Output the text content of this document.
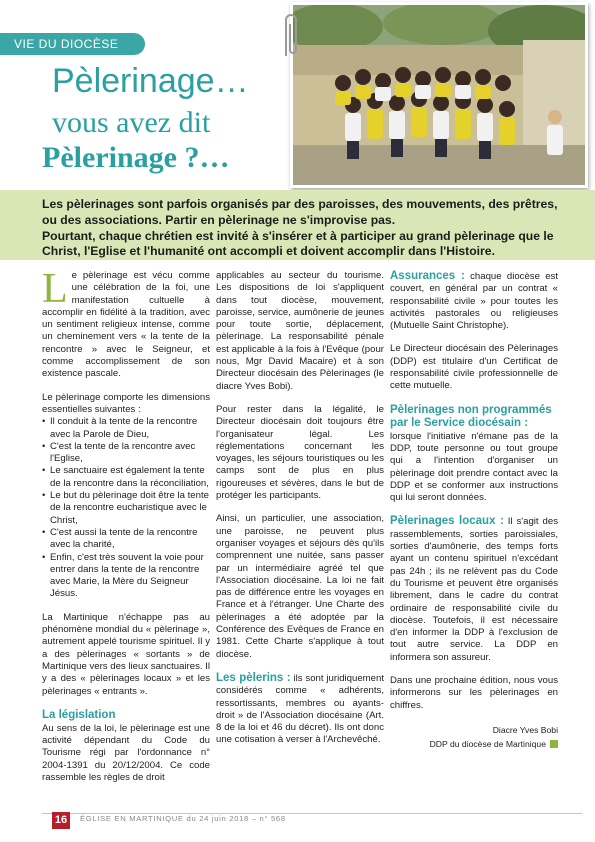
VIE DU DIOCÈSE
Pèlerinage…
vous avez dit
Pèlerinage ?…

Les pèlerinages sont parfois organisés par des paroisses, des mouvements, des prêtres, ou des associations. Partir en pèlerinage ne s'improvise pas.

Pourtant, chaque chrétien est invité à s'insérer et à participer au grand pèlerinage que le Christ, l'Eglise et l'humanité ont accompli et doivent accomplir dans l'Histoire.

Le pèlerinage est vécu comme une célébration de la foi, une manifestation cultuelle à accomplir en fidélité à la tradition, avec un sentiment religieux intense, comme un cheminement vers « la tente de la rencontre » avec le Seigneur, et comme accomplissement de son existence pascale.

Le pèlerinage comporte les dimensions essentielles suivantes :

• Il conduit à la tente de la rencontre avec la Parole de Dieu,
• C'est la tente de la rencontre avec l'Eglise,
• Le sanctuaire est également la tente de la rencontre dans la réconciliation,
• Le but du pèlerinage doit être la tente de la rencontre eucharistique avec le Christ,
• C'est aussi la tente de la rencontre avec la charité,
• Enfin, c'est très souvent la voie pour entrer dans la tente de la rencontre avec Marie, la Mère du Seigneur Jésus.

La Martinique n'échappe pas au phénomène mondial du « pèlerinage », autrement appelé tourisme spirituel. Il y a des pèlerinages « sortants » de Martinique vers des lieux sanctuaires. Il y a des « pèlerinages locaux » et les pèlerinages « entrants ».

La législation

Au sens de la loi, le pèlerinage est une activité dépendant du Code du Tourisme régi par l'ordonnance n° 2004-1391 du 20/12/2004. Ce code rassemble les règles de droit

applicables au secteur du tourisme. Les dispositions de loi s'appliquent dans tout diocèse, mouvement, paroisse, service, aumônerie de jeunes pour toute sortie, déplacement, pèlerinage. La responsabilité pénale est applicable à la fois à l'Evêque (pour nous, Mgr David Macaire) et à son Directeur diocésain des Pèlerinages (le diacre Yves Bobi).

Pour rester dans la légalité, le Directeur diocésain doit toujours être l'organisateur légal. Les réglementations concernant les voyages, les séjours touristiques ou les camps sont de plus en plus rigoureuses et sévères, dans le but de protéger les participants.

Ainsi, un particulier, une association, une paroisse, ne peuvent plus organiser voyages et séjours dès qu'ils comprennent une nuitée, sans passer par un intermédiaire agréé tel que l'Association diocésaine. La loi ne fait pas de différence entre les voyages en France et à l'étranger. Une Charte des pèlerinages a été adoptée par la Conférence des Evêques de France en 1981. Cette Charte s'applique à tout diocèse.

Les pèlerins : ils sont juridiquement considérés comme « adhérents, ressortissants, membres ou ayants-droit » de l'Association diocésaine (Art. 8 de la loi et 46 du décret). Ils ont donc une cotisation à verser à l'Archevêché.

Assurances : chaque diocèse est couvert, en général par un contrat « responsabilité civile » pour toutes les activités pastorales ou religieuses (Mutuelle Saint Christophe).

Le Directeur diocésain des Pèlerinages (DDP) est titulaire d'un Certificat de responsabilité civile professionnelle de cette mutuelle.

Pèlerinages non programmés par le Service diocésain :

lorsque l'initiative n'émane pas de la DDP, toute personne ou tout groupe qui a l'intention d'organiser un pèlerinage doit prendre contact avec la DDP et se conformer aux instructions qui lui seront données.

Pèlerinages locaux : Il s'agit des rassemblements, sorties paroissiales, sorties d'aumônerie, des temps forts ayant un contenu spirituel n'excédant pas 24h ; ils ne relèvent pas du Code du Tourisme et peuvent être organisés librement, dans le cadre du contrat ordinaire de responsabilité civile du diocèse. Toutefois, il est nécessaire d'en informer la DDP à l'exclusion de tout autre service. La DDP en informera son assureur.

Dans une prochaine édition, nous vous informerons sur les pèlerinages en chiffres.

Diacre Yves Bobi
DDP du diocèse de Martinique
16	ÉGLISE EN MARTINIQUE du 24 juin 2018 – n° 568
